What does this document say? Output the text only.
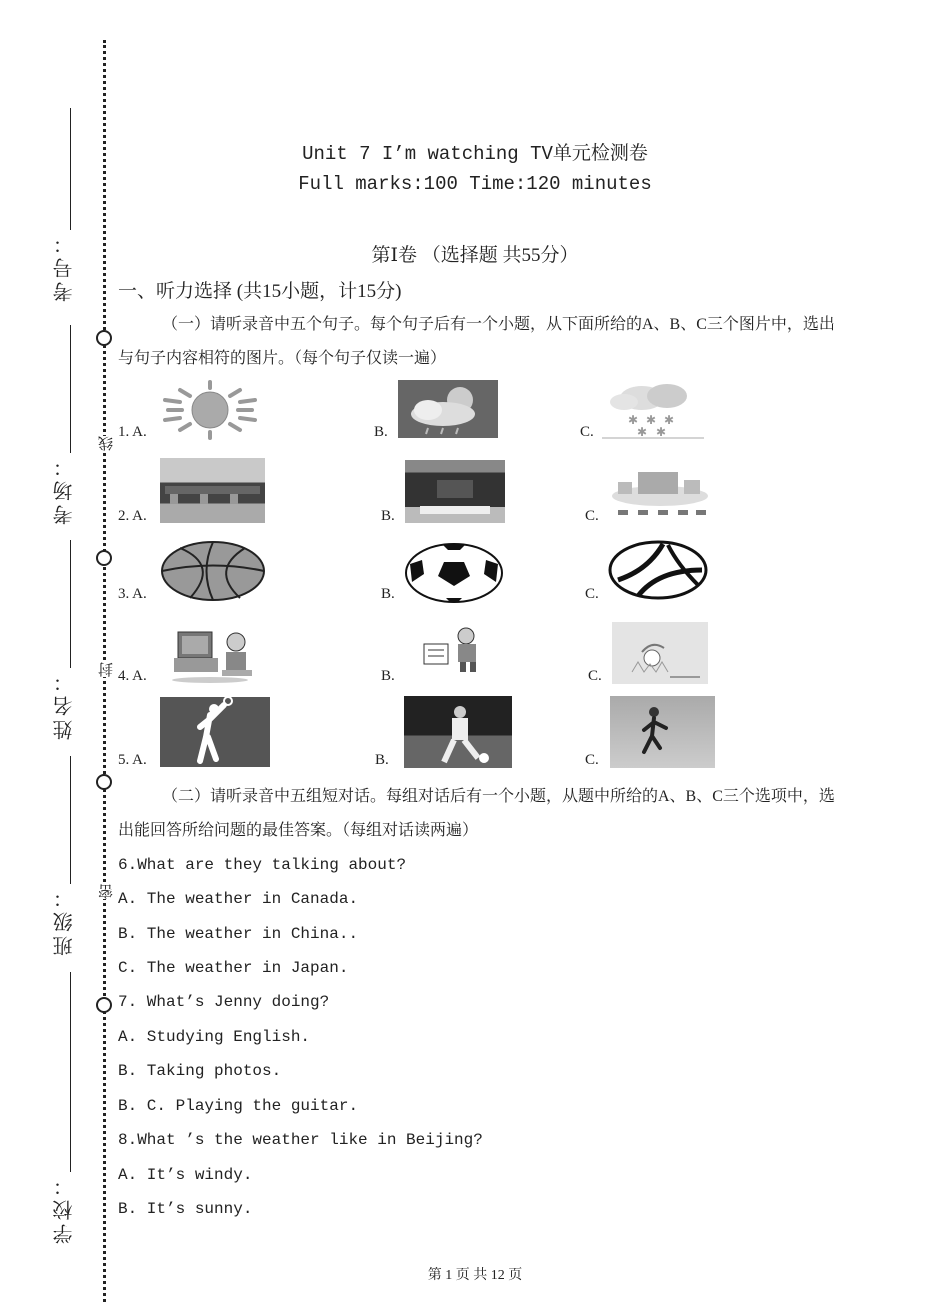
线
封
密
考号：
考场：
姓名：
班级：
学校：
Unit 7 I’m watching TV单元检测卷
Full marks:100 Time:120 minutes
第Ⅰ卷 （选择题 共55分）
一、听力选择 (共15小题，计15分)
（一）请听录音中五个句子。每个句子后有一个小题，从下面所给的A、B、C三个图片中，选出与句子内容相符的图片。（每个句子仅读一遍）
1. A.	B.	C.
✱ ✱ ✱
✱ ✱
2. A.	B.	C.
3. A.	B.	C.
4. A.	B.	C.
5. A.	B.	C.
（二）请听录音中五组短对话。每组对话后有一个小题，从题中所给的A、B、C三个选项中，选出能回答所给问题的最佳答案。（每组对话读两遍）
6.What are they talking about?
A. The weather in Canada.
B. The weather in China..
C. The weather in Japan.
7. What’s Jenny doing?
A. Studying English.
B. Taking photos.
B. C. Playing the guitar.
8.What ’s the weather like in Beijing?
A. It’s windy.
B. It’s sunny.
第 1 页 共 12 页
